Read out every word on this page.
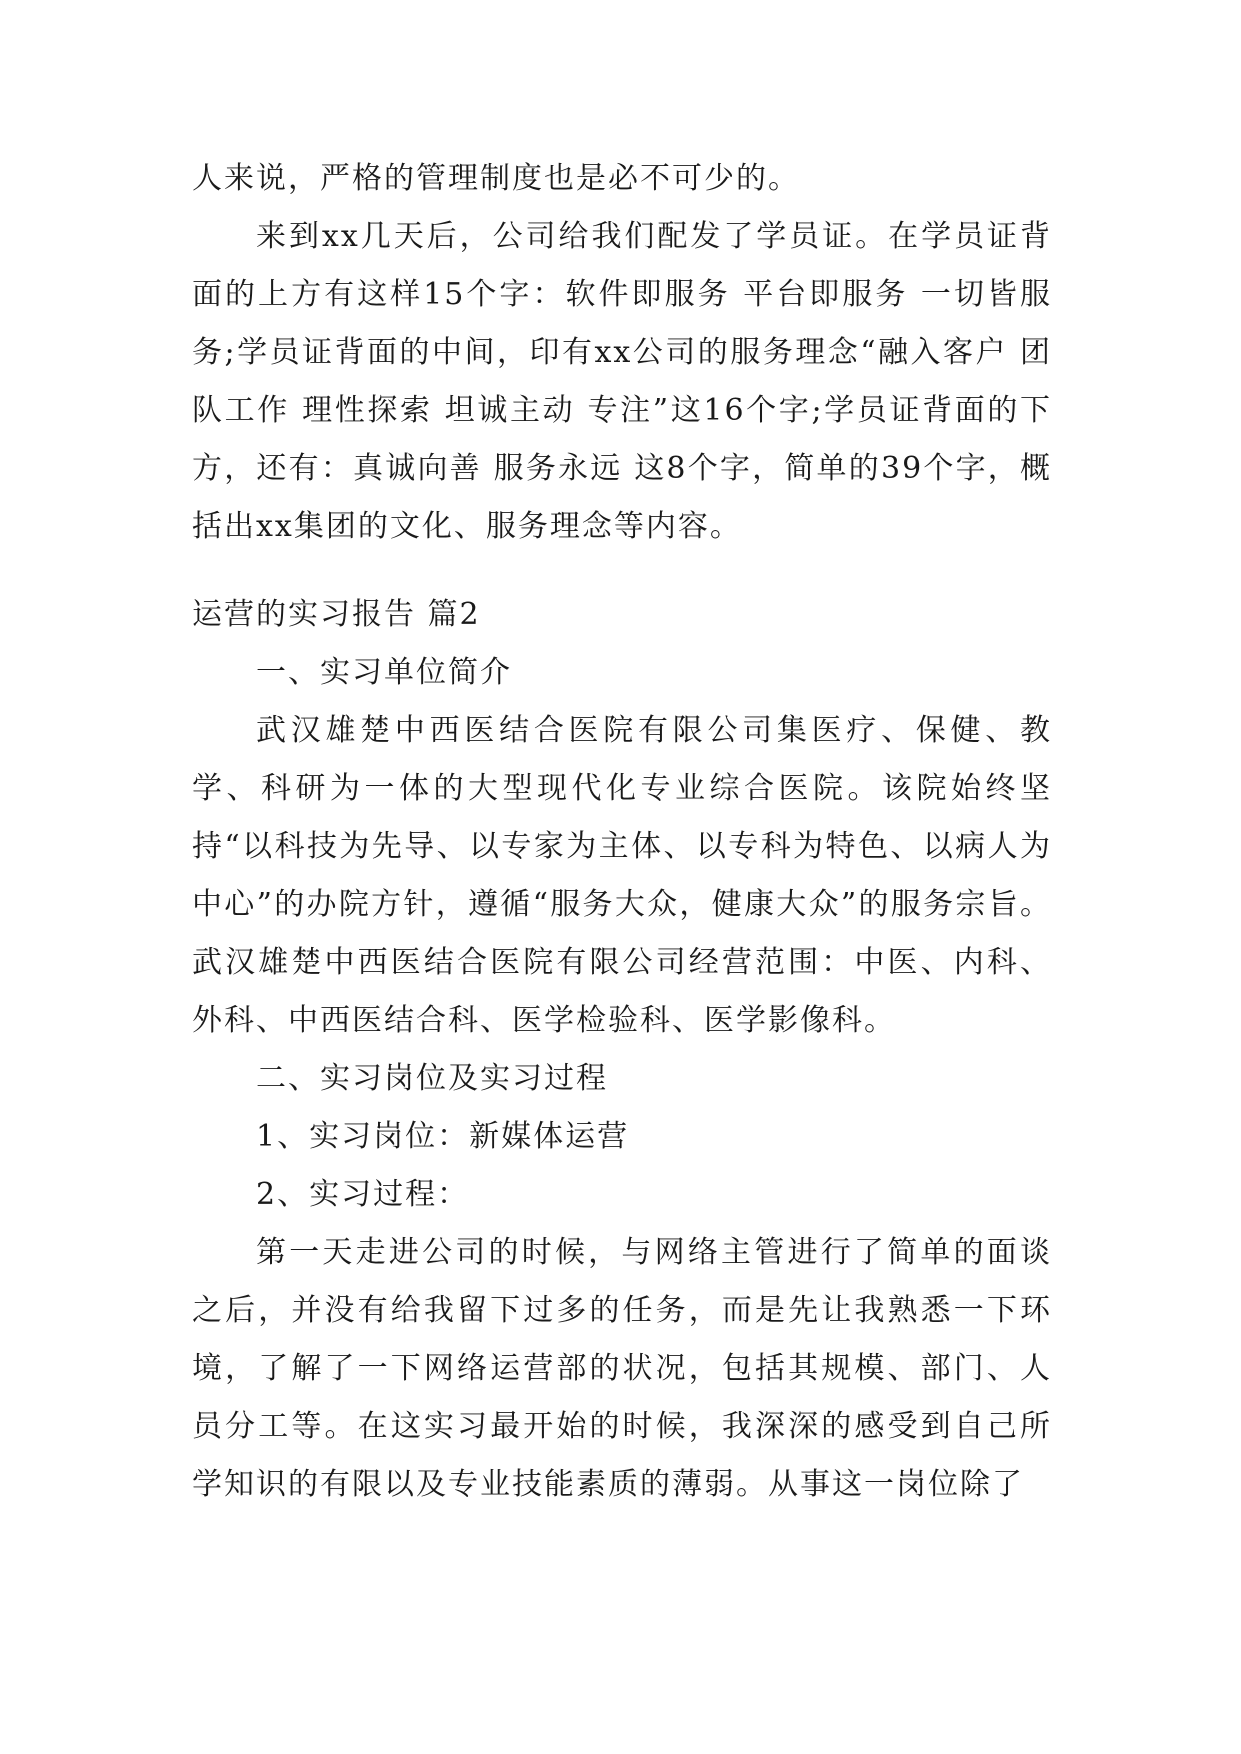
人来说，严格的管理制度也是必不可少的。

来到xx几天后，公司给我们配发了学员证。在学员证背面的上方有这样15个字：软件即服务 平台即服务 一切皆服务;学员证背面的中间，印有xx公司的服务理念“融入客户 团队工作 理性探索 坦诚主动 专注”这16个字;学员证背面的下方，还有：真诚向善 服务永远 这8个字，简单的39个字，概括出xx集团的文化、服务理念等内容。

运营的实习报告 篇2

一、实习单位简介

武汉雄楚中西医结合医院有限公司集医疗、保健、教学、科研为一体的大型现代化专业综合医院。该院始终坚持“以科技为先导、以专家为主体、以专科为特色、以病人为中心”的办院方针，遵循“服务大众，健康大众”的服务宗旨。武汉雄楚中西医结合医院有限公司经营范围：中医、内科、外科、中西医结合科、医学检验科、医学影像科。

二、实习岗位及实习过程

1、实习岗位：新媒体运营

2、实习过程：

第一天走进公司的时候，与网络主管进行了简单的面谈之后，并没有给我留下过多的任务，而是先让我熟悉一下环境，了解了一下网络运营部的状况，包括其规模、部门、人员分工等。在这实习最开始的时候，我深深的感受到自己所学知识的有限以及专业技能素质的薄弱。从事这一岗位除了
